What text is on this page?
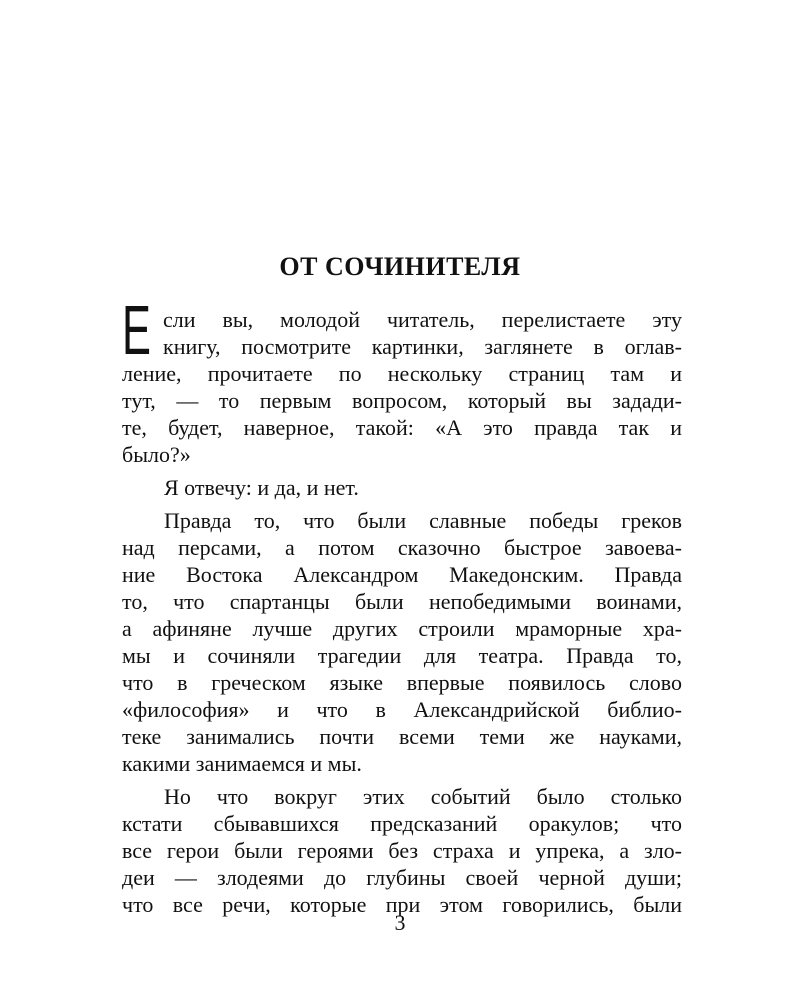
ОТ СОЧИНИТЕЛЯ
Е сли вы, молодой читатель, перелистаете эту
книгу, посмотрите картинки, заглянете в оглав-
ление, прочитаете по нескольку страниц там и
тут, — то первым вопросом, который вы задади-
те, будет, наверное, такой: «А это правда так и
было?»
Я отвечу: и да, и нет.
Правда то, что были славные победы греков
над персами, а потом сказочно быстрое завоева-
ние Востока Александром Македонским. Правда
то, что спартанцы были непобедимыми воинами,
а афиняне лучше других строили мраморные хра-
мы и сочиняли трагедии для театра. Правда то,
что в греческом языке впервые появилось слово
«философия» и что в Александрийской библио-
теке занимались почти всеми теми же науками,
какими занимаемся и мы.
Но что вокруг этих событий было столько
кстати сбывавшихся предсказаний оракулов; что
все герои были героями без страха и упрека, а зло-
деи — злодеями до глубины своей черной души;
что все речи, которые при этом говорились, были
3
